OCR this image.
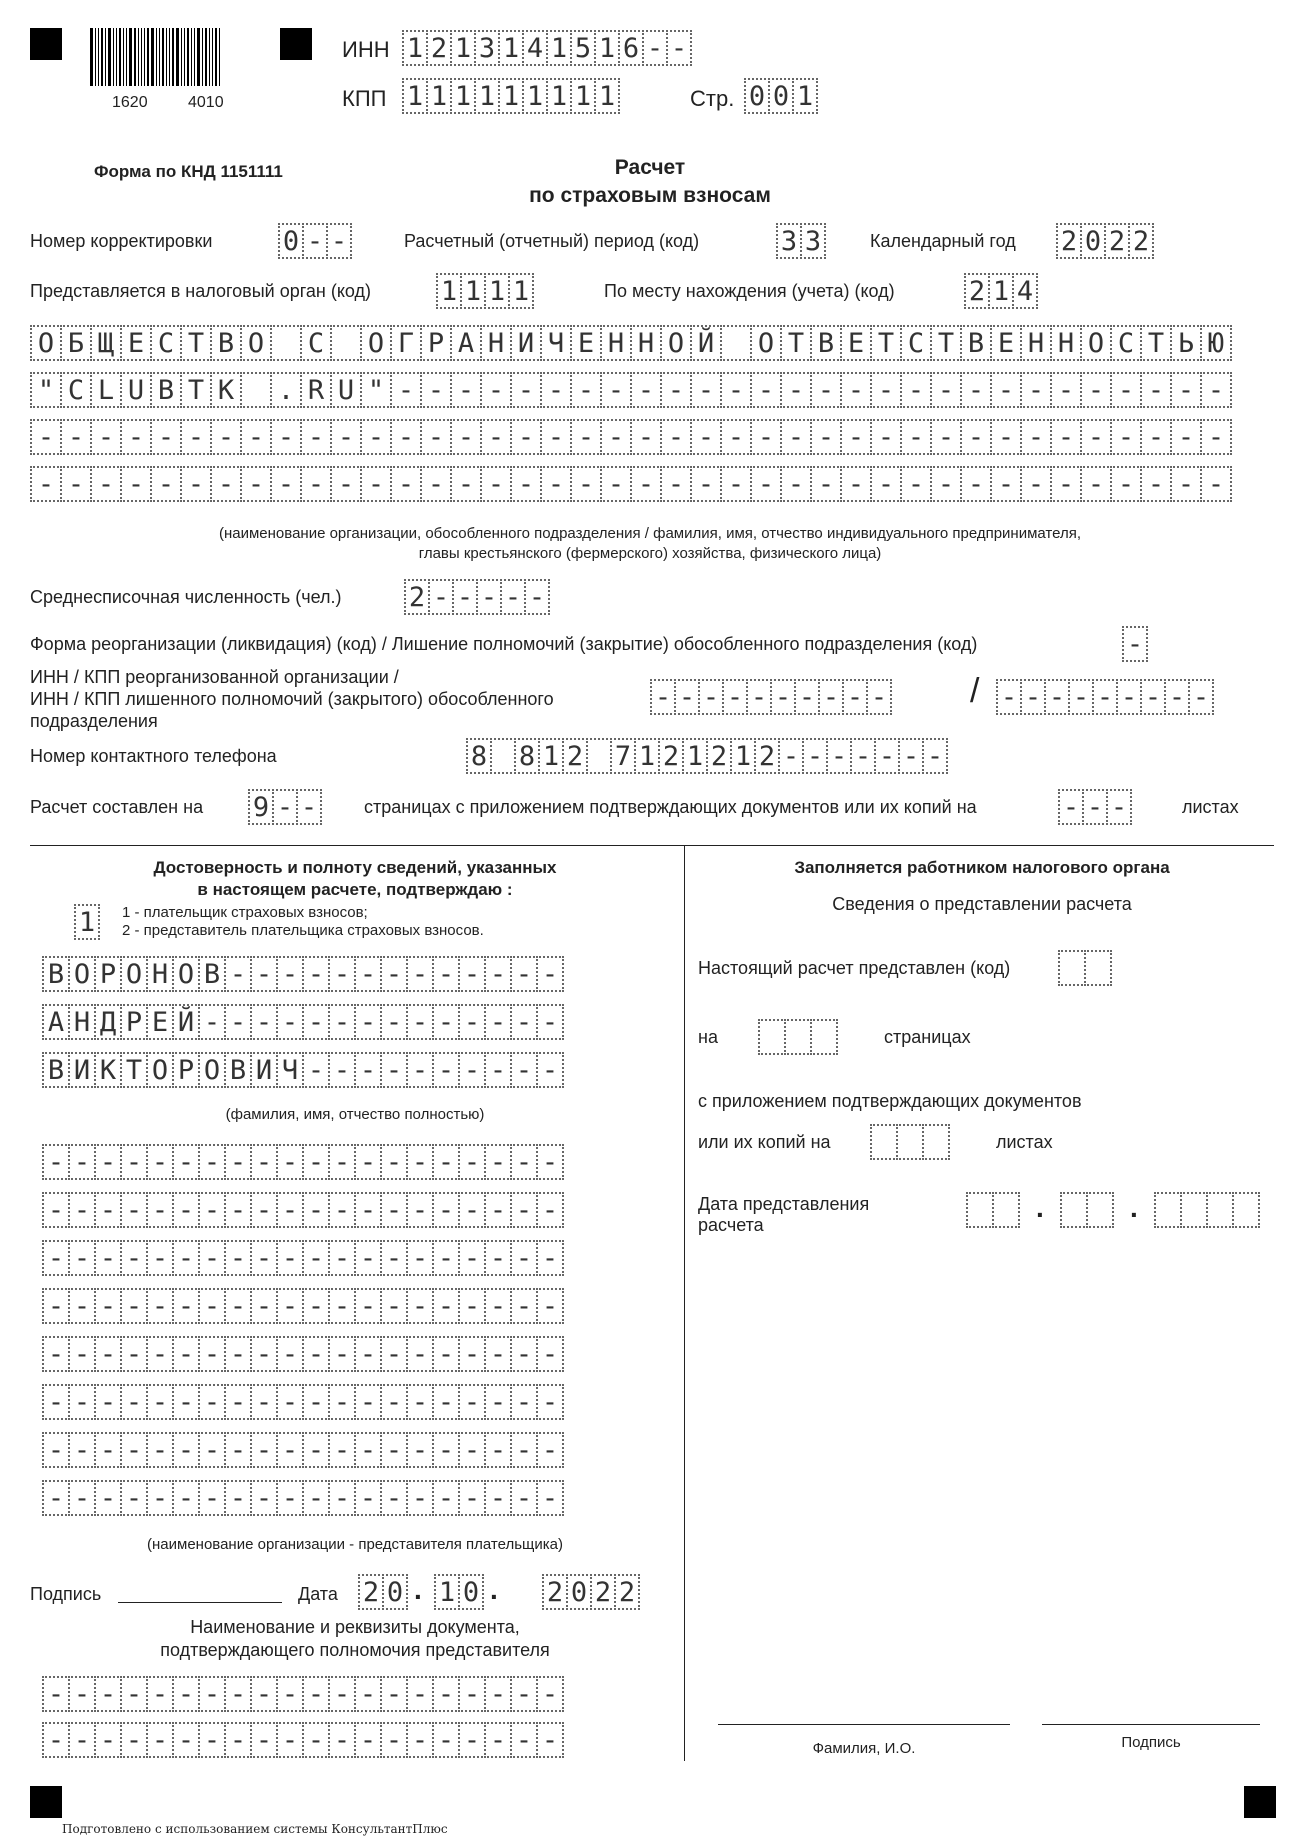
1620	4010
ИНН 1 2 1 3 1 4 1 5 1 6 - -
КПП 1 1 1 1 1 1 1 1 1	Стр. 0 0 1
Форма по КНД 1151111	Расчет
по страховым взносам
Номер корректировки	0 - -	Расчетный (отчетный) период (код)	3 3	Календарный год 2 0 2 2
Представляется в налоговый орган (код)	1 1 1 1	По месту нахождения (учета) (код)	2 1 4
О Б Щ Е С Т В О С О Г Р А Н И Ч Е Н Н О Й О Т В Е Т С Т В Е Н Н О С Т Ь Ю
" C L U B T K . R U " - - - - - - - - - - - - - - - - - - - - - - - - - - - -
- - - - - - - - - - - - - - - - - - - - - - - - - - - - - - - - - - - - - - - -
- - - - - - - - - - - - - - - - - - - - - - - - - - - - - - - - - - - - - - - -
(наименование организации, обособленного подразделения / фамилия, имя, отчество индивидуального предпринимателя,
главы крестьянского (фермерского) хозяйства, физического лица)
Среднесписочная численность (чел.) 2 - - - - -
Форма реорганизации (ликвидация) (код) / Лишение полномочий (закрытие) обособленного подразделения (код)	-
ИНН / КПП реорганизованной организации /
ИНН / КПП лишенного полномочий (закрытого) обособленного
подразделения
- - - - - - - - - - / - - - - - - - - -
Номер контактного телефона	8 8 1 2 7 1 2 1 2 1 2 - - - - - - -
Расчет составлен на 9 - -	страницах с приложением подтверждающих документов или их копий на	- - -	листах
Достоверность и полноту сведений, указанных
в настоящем расчете, подтверждаю :
1	1 - плательщик страховых взносов;
2 - представитель плательщика страховых взносов.
В О Р О Н О В - - - - - - - - - - - - -
А Н Д Р Е Й - - - - - - - - - - - - - -
В И К Т О Р О В И Ч - - - - - - - - - -
(фамилия, имя, отчество полностью)
- - - - - - - - - - - - - - - - - - - -
- - - - - - - - - - - - - - - - - - - -
- - - - - - - - - - - - - - - - - - - -
- - - - - - - - - - - - - - - - - - - -
- - - - - - - - - - - - - - - - - - - -
- - - - - - - - - - - - - - - - - - - -
- - - - - - - - - - - - - - - - - - - -
- - - - - - - - - - - - - - - - - - - -
(наименование организации - представителя плательщика)
Подпись	Дата 2 0 . 1 0 . 2 0 2 2
Наименование и реквизиты документа,
подтверждающего полномочия представителя
- - - - - - - - - - - - - - - - - - - -
- - - - - - - - - - - - - - - - - - - -
Заполняется работником налогового органа
Сведения о представлении расчета
Настоящий расчет представлен (код)
на	страницах
с приложением подтверждающих документов
или их копий на	листах
Дата представления
расчета
.	.
Фамилия, И.О.	Подпись
Подготовлено с использованием системы КонсультантПлюс
